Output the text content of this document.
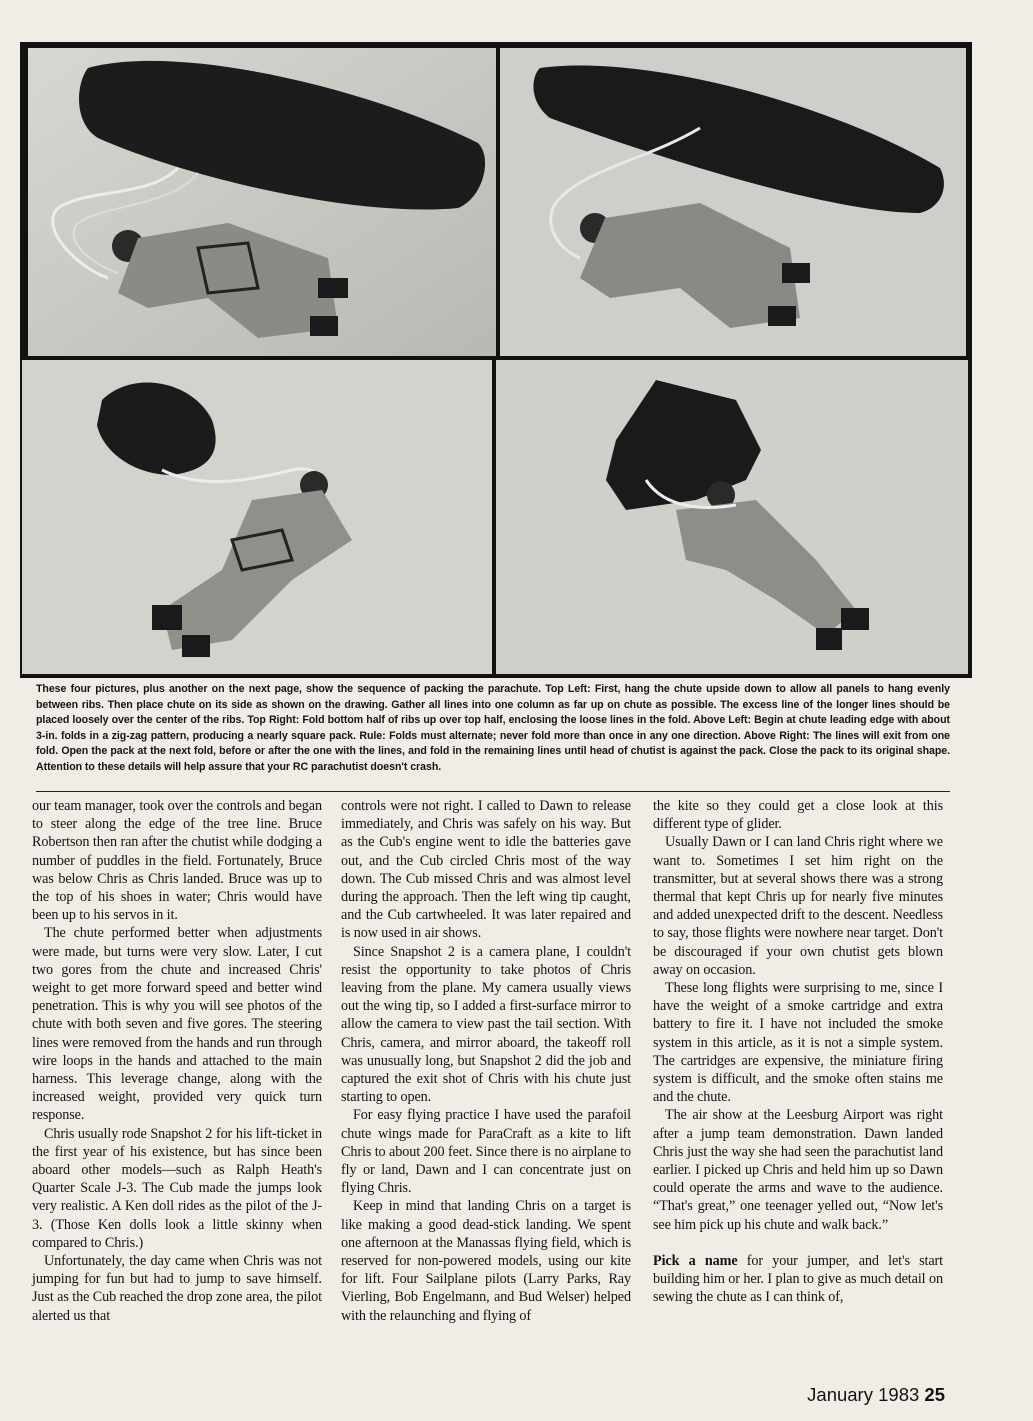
These four pictures, plus another on the next page, show the sequence of packing the parachute. Top Left: First, hang the chute upside down to allow all panels to hang evenly between ribs. Then place chute on its side as shown on the drawing. Gather all lines into one column as far up on chute as possible. The excess line of the longer lines should be placed loosely over the center of the ribs. Top Right: Fold bottom half of ribs up over top half, enclosing the loose lines in the fold. Above Left: Begin at chute leading edge with about 3-in. folds in a zig-zag pattern, producing a nearly square pack. Rule: Folds must alternate; never fold more than once in any one direction. Above Right: The lines will exit from one fold. Open the pack at the next fold, before or after the one with the lines, and fold in the remaining lines until head of chutist is against the pack. Close the pack to its original shape. Attention to these details will help assure that your RC parachutist doesn't crash.

our team manager, took over the controls and began to steer along the edge of the tree line. Bruce Robertson then ran after the chutist while dodging a number of puddles in the field. Fortunately, Bruce was below Chris as Chris landed. Bruce was up to the top of his shoes in water; Chris would have been up to his servos in it.

The chute performed better when adjustments were made, but turns were very slow. Later, I cut two gores from the chute and increased Chris' weight to get more forward speed and better wind penetration. This is why you will see photos of the chute with both seven and five gores. The steering lines were removed from the hands and run through wire loops in the hands and attached to the main harness. This leverage change, along with the increased weight, provided very quick turn response.

Chris usually rode Snapshot 2 for his lift-ticket in the first year of his existence, but has since been aboard other models—such as Ralph Heath's Quarter Scale J-3. The Cub made the jumps look very realistic. A Ken doll rides as the pilot of the J-3. (Those Ken dolls look a little skinny when compared to Chris.)

Unfortunately, the day came when Chris was not jumping for fun but had to jump to save himself. Just as the Cub reached the drop zone area, the pilot alerted us that

controls were not right. I called to Dawn to release immediately, and Chris was safely on his way. But as the Cub's engine went to idle the batteries gave out, and the Cub circled Chris most of the way down. The Cub missed Chris and was almost level during the approach. Then the left wing tip caught, and the Cub cartwheeled. It was later repaired and is now used in air shows.

Since Snapshot 2 is a camera plane, I couldn't resist the opportunity to take photos of Chris leaving from the plane. My camera usually views out the wing tip, so I added a first-surface mirror to allow the camera to view past the tail section. With Chris, camera, and mirror aboard, the takeoff roll was unusually long, but Snapshot 2 did the job and captured the exit shot of Chris with his chute just starting to open.

For easy flying practice I have used the parafoil chute wings made for ParaCraft as a kite to lift Chris to about 200 feet. Since there is no airplane to fly or land, Dawn and I can concentrate just on flying Chris.

Keep in mind that landing Chris on a target is like making a good dead-stick landing. We spent one afternoon at the Manassas flying field, which is reserved for non-powered models, using our kite for lift. Four Sailplane pilots (Larry Parks, Ray Vierling, Bob Engelmann, and Bud Welser) helped with the relaunching and flying of

the kite so they could get a close look at this different type of glider.

Usually Dawn or I can land Chris right where we want to. Sometimes I set him right on the transmitter, but at several shows there was a strong thermal that kept Chris up for nearly five minutes and added unexpected drift to the descent. Needless to say, those flights were nowhere near target. Don't be discouraged if your own chutist gets blown away on occasion.

These long flights were surprising to me, since I have the weight of a smoke cartridge and extra battery to fire it. I have not included the smoke system in this article, as it is not a simple system. The cartridges are expensive, the miniature firing system is difficult, and the smoke often stains me and the chute.

The air show at the Leesburg Airport was right after a jump team demonstration. Dawn landed Chris just the way she had seen the parachutist land earlier. I picked up Chris and held him up so Dawn could operate the arms and wave to the audience. “That's great,” one teenager yelled out, “Now let's see him pick up his chute and walk back.”

Pick a name for your jumper, and let's start building him or her. I plan to give as much detail on sewing the chute as I can think of,

January 1983 25
